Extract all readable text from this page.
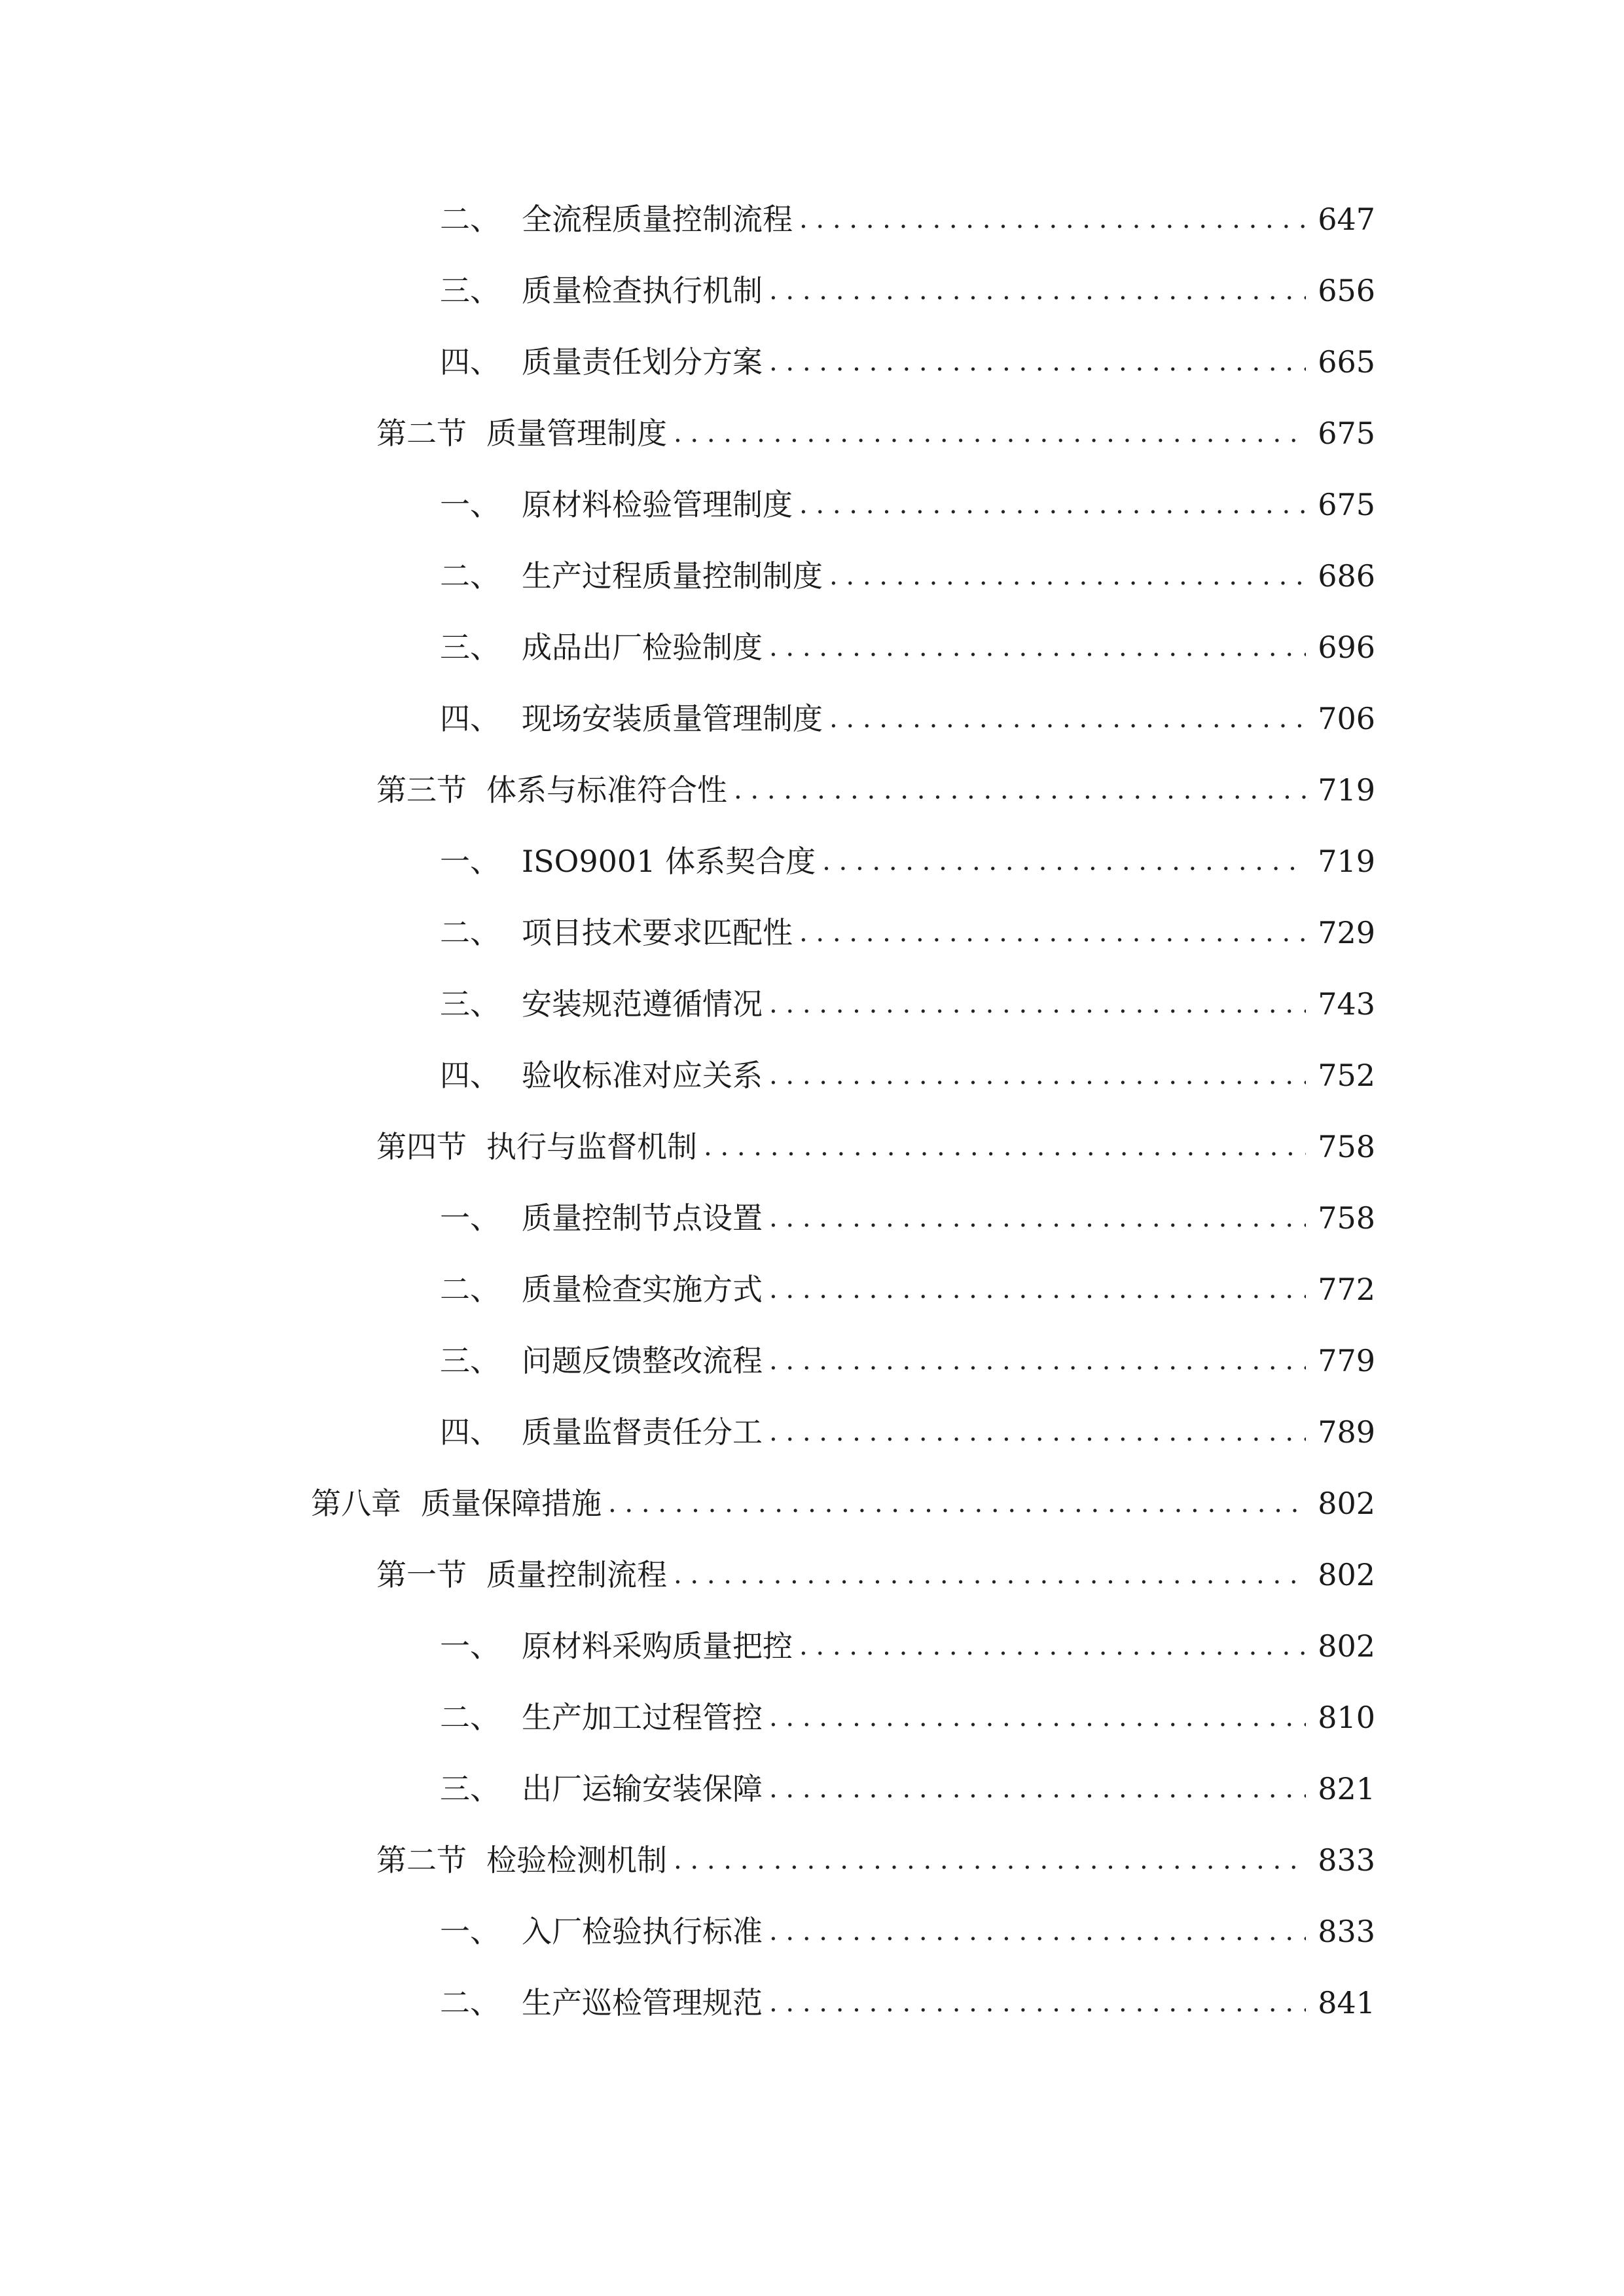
二、 全流程质量控制流程 . . .	647
三、 质量检查执行机制 . . .	656
四、 质量责任划分方案 . . .	665
第二节 质量管理制度 . . .	675
一、 原材料检验管理制度 . . .	675
二、 生产过程质量控制制度 . . .	686
三、 成品出厂检验制度 . . .	696
四、 现场安装质量管理制度 . . .	706
第三节 体系与标准符合性 . . .	719
一、 ISO9001 体系契合度 . . .	719
二、 项目技术要求匹配性 . . .	729
三、 安装规范遵循情况 . . .	743
四、 验收标准对应关系 . . .	752
第四节 执行与监督机制 . . .	758
一、 质量控制节点设置 . . .	758
二、 质量检查实施方式 . . .	772
三、 问题反馈整改流程 . . .	779
四、 质量监督责任分工 . . .	789
第八章 质量保障措施 . . .	802
第一节 质量控制流程 . . .	802
一、 原材料采购质量把控 . . .	802
二、 生产加工过程管控 . . .	810
三、 出厂运输安装保障 . . .	821
第二节 检验检测机制 . . .	833
一、 入厂检验执行标准 . . .	833
二、 生产巡检管理规范 . . .	841
